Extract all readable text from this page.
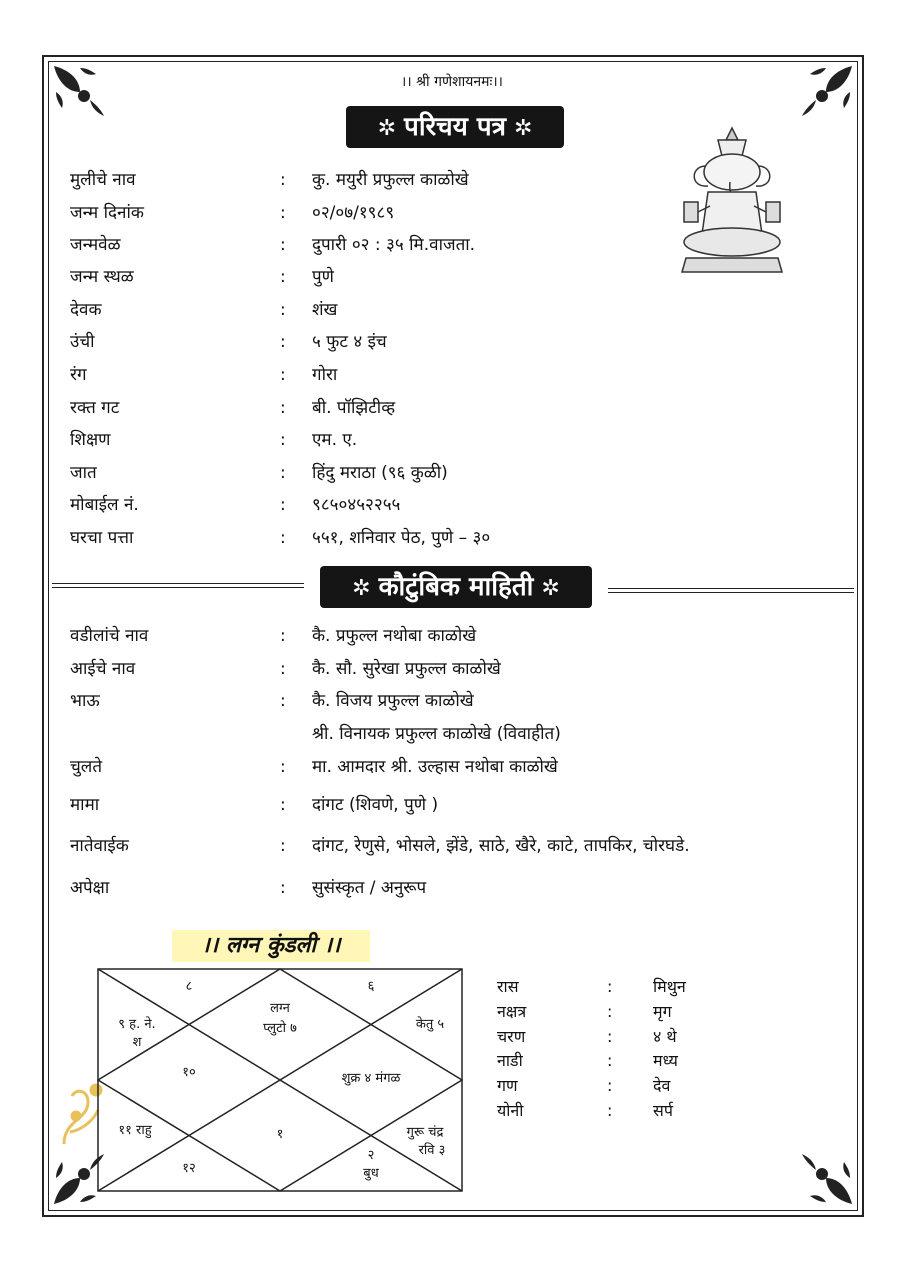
।। श्री गणेशायनमः।।
✲ परिचय पत्र ✲
मुलीचे नाव	: कु. मयुरी प्रफुल्ल काळोखे
जन्म दिनांक	: ०२/०७/१९८९
जन्मवेळ	: दुपारी ०२ : ३५ मि.वाजता.
जन्म स्थळ	: पुणे
देवक	: शंख
उंची	: ५ फुट ४ इंच
रंग	: गोरा
रक्त गट	: बी. पॉझिटीव्ह
शिक्षण	: एम. ए.
जात	: हिंदु मराठा (९६ कुळी)
मोबाईल नं.	: ९८५०४५२२५५
घरचा पत्ता	: ५५१, शनिवार पेठ, पुणे – ३०
✲ कौटुंबिक माहिती ✲
वडीलांचे नाव	: कै. प्रफुल्ल नथोबा काळोखे
आईचे नाव	: कै. सौ. सुरेखा प्रफुल्ल काळोखे
भाऊ	: कै. विजय प्रफुल्ल काळोखे
श्री. विनायक प्रफुल्ल काळोखे (विवाहीत)
चुलते	: मा. आमदार श्री. उल्हास नथोबा काळोखे
मामा	: दांगट (शिवणे, पुणे )
नातेवाईक	: दांगट, रेणुसे, भोसले, झेंडे, साठे, खैरे, काटे, तापकिर, चोरघडे.
अपेक्षा	: सुसंस्कृत / अनुरूप
।। लग्न कुंडली ।।
८	६
९ ह. ने.
श
लग्न
प्लुटो ७	केतु ५
१०	शुक्र ४ मंगळ
११ राहु	१	गुरू चंद्र
रवि ३
१२
२
बुध
रास	:	मिथुन
नक्षत्र	:	मृग
चरण	:	४ थे
नाडी	:	मध्य
गण	:	देव
योनी	:	सर्प
